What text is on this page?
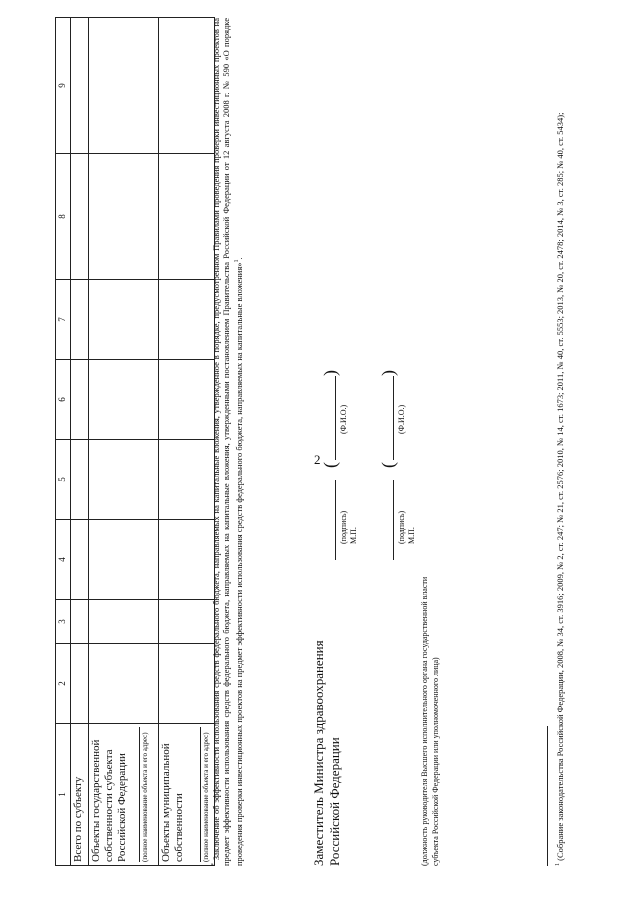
2
1	2	3	4	5	6	7	8	9
Всего по субъекту								

Объекты государственной собственности субъекта Российской Федерации (полное наименование объекта и его адрес)								

Объекты муниципальной собственности (полное наименование объекта и его адрес)								

* Заключение об эффективности использования средств федерального бюджета, направляемых на капитальные вложения, утвержденное в порядке, предусмотренном Правилами проведения проверки инвестиционных проектов на предмет эффективности использования средств федерального бюджета, направляемых на капитальные вложения, утвержденными постановлением Правительства Российской Федерации от 12 августа 2008 г. № 590 «О порядке проведения проверки инвестиционных проектов на предмет эффективности использования средств федерального бюджета, направляемых на капитальные вложения»$^1$.
Заместитель Министра здравоохранения Российской Федерации	(должность руководителя Высшего исполнительного органа государственной власти субъекта Российской Федерации или уполномоченного лица)
(подпись) М.П.
(
)
(Ф.И.О.)
(подпись) М.П.
(
)
(Ф.И.О.)
$^1$ (Собрание законодательства Российской Федерации, 2008, № 34, ст. 3916; 2009, № 2, ст. 247; № 21, ст. 2576; 2010, № 14, ст. 1673; 2011, № 40, ст. 5553; 2013, № 20, ст. 2478; 2014, № 3, ст. 285; № 40, ст. 5434);
